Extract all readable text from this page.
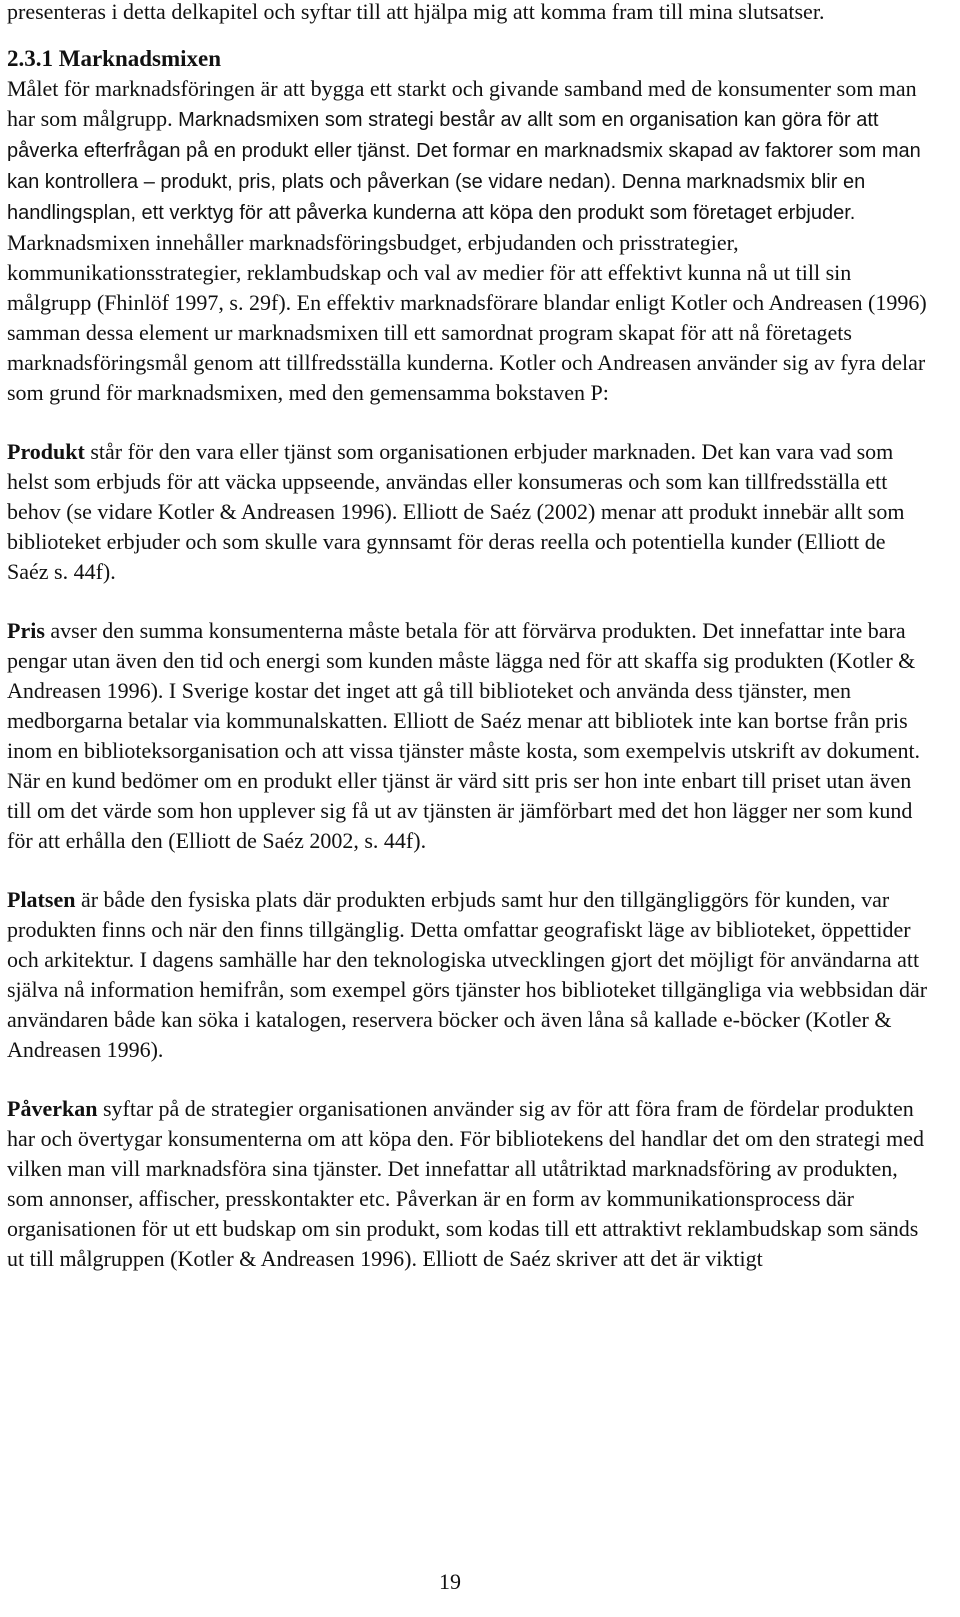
presenteras i detta delkapitel och syftar till att hjälpa mig att komma fram till mina slutsatser.

2.3.1 Marknadsmixen

Målet för marknadsföringen är att bygga ett starkt och givande samband med de konsumenter som man har som målgrupp. Marknadsmixen som strategi består av allt som en organisation kan göra för att påverka efterfrågan på en produkt eller tjänst. Det formar en marknadsmix skapad av faktorer som man kan kontrollera – produkt, pris, plats och påverkan (se vidare nedan). Denna marknadsmix blir en handlingsplan, ett verktyg för att påverka kunderna att köpa den produkt som företaget erbjuder. Marknadsmixen innehåller marknadsföringsbudget, erbjudanden och prisstrategier, kommunikationsstrategier, reklambudskap och val av medier för att effektivt kunna nå ut till sin målgrupp (Fhinlöf 1997, s. 29f). En effektiv marknadsförare blandar enligt Kotler och Andreasen (1996) samman dessa element ur marknadsmixen till ett samordnat program skapat för att nå företagets marknadsföringsmål genom att tillfredsställa kunderna. Kotler och Andreasen använder sig av fyra delar som grund för marknadsmixen, med den gemensamma bokstaven P:

Produkt står för den vara eller tjänst som organisationen erbjuder marknaden. Det kan vara vad som helst som erbjuds för att väcka uppseende, användas eller konsumeras och som kan tillfredsställa ett behov (se vidare Kotler & Andreasen 1996). Elliott de Saéz (2002) menar att produkt innebär allt som biblioteket erbjuder och som skulle vara gynnsamt för deras reella och potentiella kunder (Elliott de Saéz s. 44f).

Pris avser den summa konsumenterna måste betala för att förvärva produkten. Det innefattar inte bara pengar utan även den tid och energi som kunden måste lägga ned för att skaffa sig produkten (Kotler & Andreasen 1996). I Sverige kostar det inget att gå till biblioteket och använda dess tjänster, men medborgarna betalar via kommunalskatten. Elliott de Saéz menar att bibliotek inte kan bortse från pris inom en biblioteksorganisation och att vissa tjänster måste kosta, som exempelvis utskrift av dokument. När en kund bedömer om en produkt eller tjänst är värd sitt pris ser hon inte enbart till priset utan även till om det värde som hon upplever sig få ut av tjänsten är jämförbart med det hon lägger ner som kund för att erhålla den (Elliott de Saéz 2002, s. 44f).

Platsen är både den fysiska plats där produkten erbjuds samt hur den tillgängliggörs för kunden, var produkten finns och när den finns tillgänglig. Detta omfattar geografiskt läge av biblioteket, öppettider och arkitektur. I dagens samhälle har den teknologiska utvecklingen gjort det möjligt för användarna att själva nå information hemifrån, som exempel görs tjänster hos biblioteket tillgängliga via webbsidan där användaren både kan söka i katalogen, reservera böcker och även låna så kallade e-böcker (Kotler & Andreasen 1996).

Påverkan syftar på de strategier organisationen använder sig av för att föra fram de fördelar produkten har och övertygar konsumenterna om att köpa den. För bibliotekens del handlar det om den strategi med vilken man vill marknadsföra sina tjänster. Det innefattar all utåtriktad marknadsföring av produkten, som annonser, affischer, presskontakter etc. Påverkan är en form av kommunikationsprocess där organisationen för ut ett budskap om sin produkt, som kodas till ett attraktivt reklambudskap som sänds ut till målgruppen (Kotler & Andreasen 1996). Elliott de Saéz skriver att det är viktigt

19
